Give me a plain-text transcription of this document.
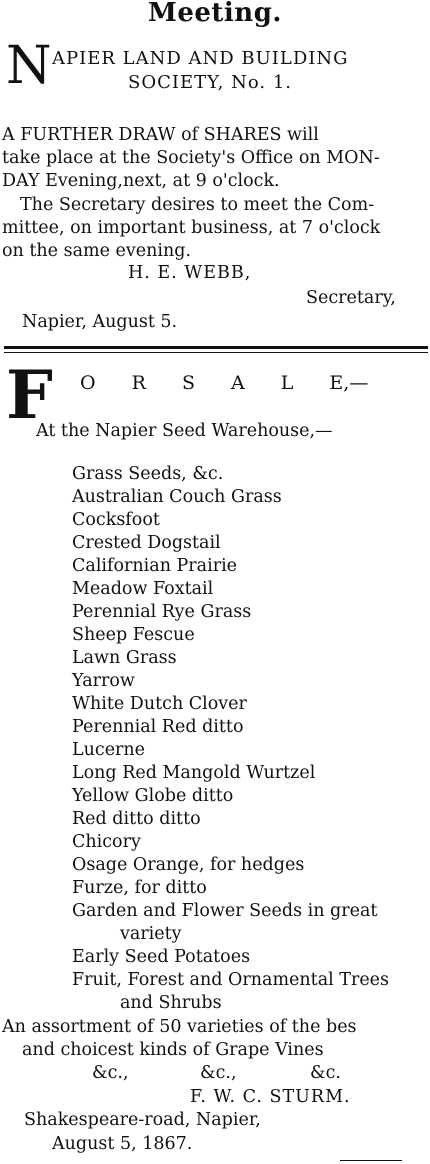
Meeting.
N APIER LAND AND BUILDING
SOCIETY, No. 1.
A FURTHER DRAW of SHARES will
take place at the Society's Office on MON-
DAY Evening,next, at 9 o'clock.
The Secretary desires to meet the Com-
mittee, on important business, at 7 o'clock
on the same evening.
H. E. WEBB,
Secretary,
Napier, August 5.
F O R S A L E,—
At the Napier Seed Warehouse,—
Grass Seeds, &c.
Australian Couch Grass
Cocksfoot
Crested Dogstail
Californian Prairie
Meadow Foxtail
Perennial Rye Grass
Sheep Fescue
Lawn Grass
Yarrow
White Dutch Clover
Perennial Red ditto
Lucerne
Long Red Mangold Wurtzel
Yellow Globe ditto
Red ditto ditto
Chicory
Osage Orange, for hedges
Furze, for ditto
Garden and Flower Seeds in great
variety
Early Seed Potatoes
Fruit, Forest and Ornamental Trees
and Shrubs
An assortment of 50 varieties of the bes
and choicest kinds of Grape Vines
&c.,	&c.,	&c.
F. W. C. STURM.
Shakespeare-road, Napier,
August 5, 1867.
